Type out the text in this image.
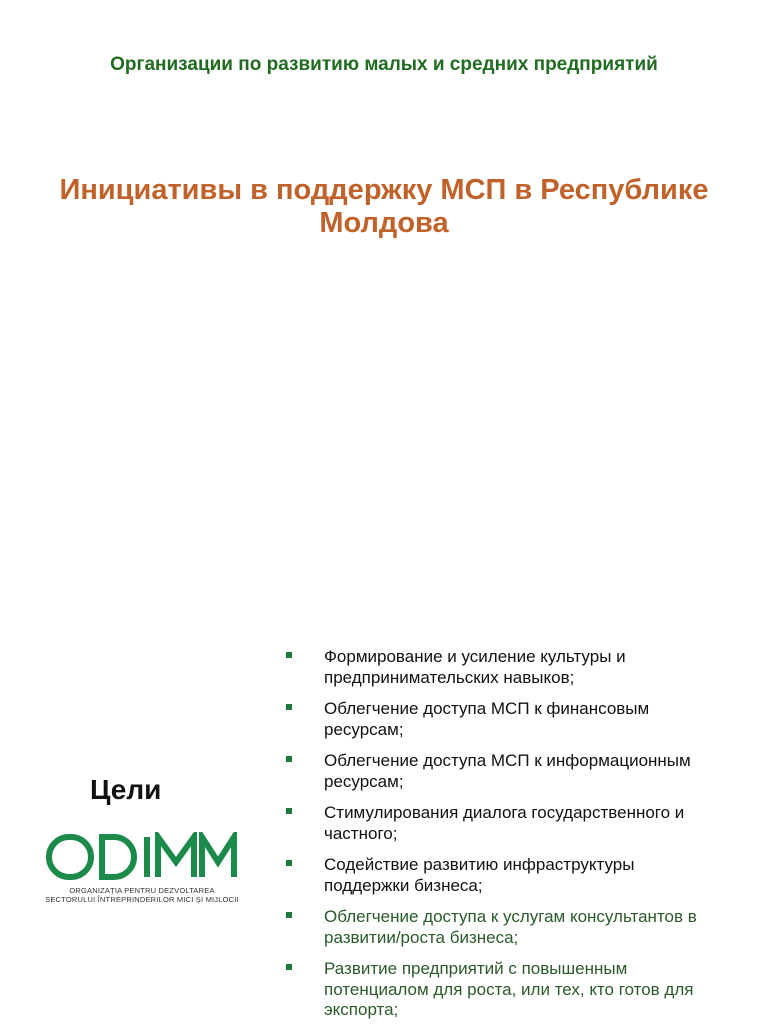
Организации по развитию малых и средних предприятий
Инициативы в поддержку МСП в Республике Молдова
Цели
ORGANIZAȚIA PENTRU DEZVOLTAREA SECTORULUI ÎNTREPRINDERILOR MICI ȘI MIJLOCII
Формирование и усиление культуры и предпринимательских навыков;
Облегчение доступа МСП к финансовым ресурсам;
Облегчение доступа МСП к информационным ресурсам;
Стимулирования диалога государственного и частного;
Содействие развитию инфраструктуры поддержки бизнеса;
Облегчение доступа к услугам консультантов в развитии/роста бизнеса;
Развитие предприятий с повышенным потенциалом для роста, или тех, кто готов для экспорта;
